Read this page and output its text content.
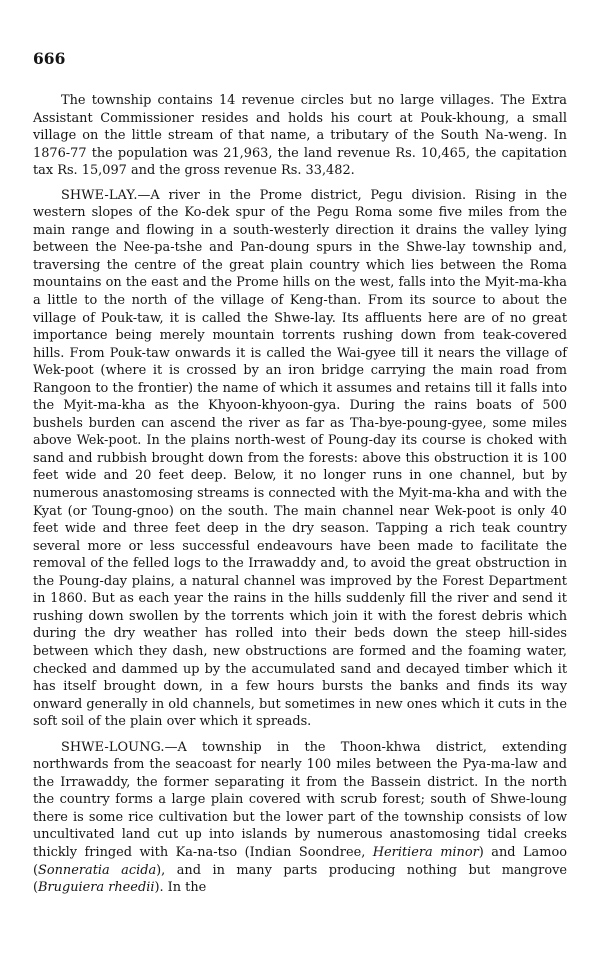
666

The township contains 14 revenue circles but no large villages. The Extra Assistant Commissioner resides and holds his court at Pouk-khoung, a small village on the little stream of that name, a tributary of the South Na-weng. In 1876-77 the population was 21,963, the land revenue Rs. 10,465, the capitation tax Rs. 15,097 and the gross revenue Rs. 33,482.

SHWE-LAY.—A river in the Prome district, Pegu division. Rising in the western slopes of the Ko-dek spur of the Pegu Roma some five miles from the main range and flowing in a south-westerly direction it drains the valley lying between the Nee-pa-tshe and Pan-doung spurs in the Shwe-lay township and, traversing the centre of the great plain country which lies between the Roma mountains on the east and the Prome hills on the west, falls into the Myit-ma-kha a little to the north of the village of Keng-than. From its source to about the village of Pouk-taw, it is called the Shwe-lay. Its affluents here are of no great importance being merely mountain torrents rushing down from teak-covered hills. From Pouk-taw onwards it is called the Wai-gyee till it nears the village of Wek-poot (where it is crossed by an iron bridge carrying the main road from Rangoon to the frontier) the name of which it assumes and retains till it falls into the Myit-ma-kha as the Khyoon-khyoon-gya. During the rains boats of 500 bushels burden can ascend the river as far as Tha-bye-poung-gyee, some miles above Wek-poot. In the plains north-west of Poung-day its course is choked with sand and rubbish brought down from the forests: above this obstruction it is 100 feet wide and 20 feet deep. Below, it no longer runs in one channel, but by numerous anastomosing streams is connected with the Myit-ma-kha and with the Kyat (or Toung-gnoo) on the south. The main channel near Wek-poot is only 40 feet wide and three feet deep in the dry season. Tapping a rich teak country several more or less successful endeavours have been made to facilitate the removal of the felled logs to the Irrawaddy and, to avoid the great obstruction in the Poung-day plains, a natural channel was improved by the Forest Department in 1860. But as each year the rains in the hills suddenly fill the river and send it rushing down swollen by the torrents which join it with the forest debris which during the dry weather has rolled into their beds down the steep hill-sides between which they dash, new obstructions are formed and the foaming water, checked and dammed up by the accumulated sand and decayed timber which it has itself brought down, in a few hours bursts the banks and finds its way onward generally in old channels, but sometimes in new ones which it cuts in the soft soil of the plain over which it spreads.

SHWE-LOUNG.—A township in the Thoon-khwa district, extending northwards from the seacoast for nearly 100 miles between the Pya-ma-law and the Irrawaddy, the former separating it from the Bassein district. In the north the country forms a large plain covered with scrub forest; south of Shwe-loung there is some rice cultivation but the lower part of the township consists of low uncultivated land cut up into islands by numerous anastomosing tidal creeks thickly fringed with Ka-na-tso (Indian Soondree, Heritiera minor) and Lamoo (Sonneratia acida), and in many parts producing nothing but mangrove (Bruguiera rheedii). In the
